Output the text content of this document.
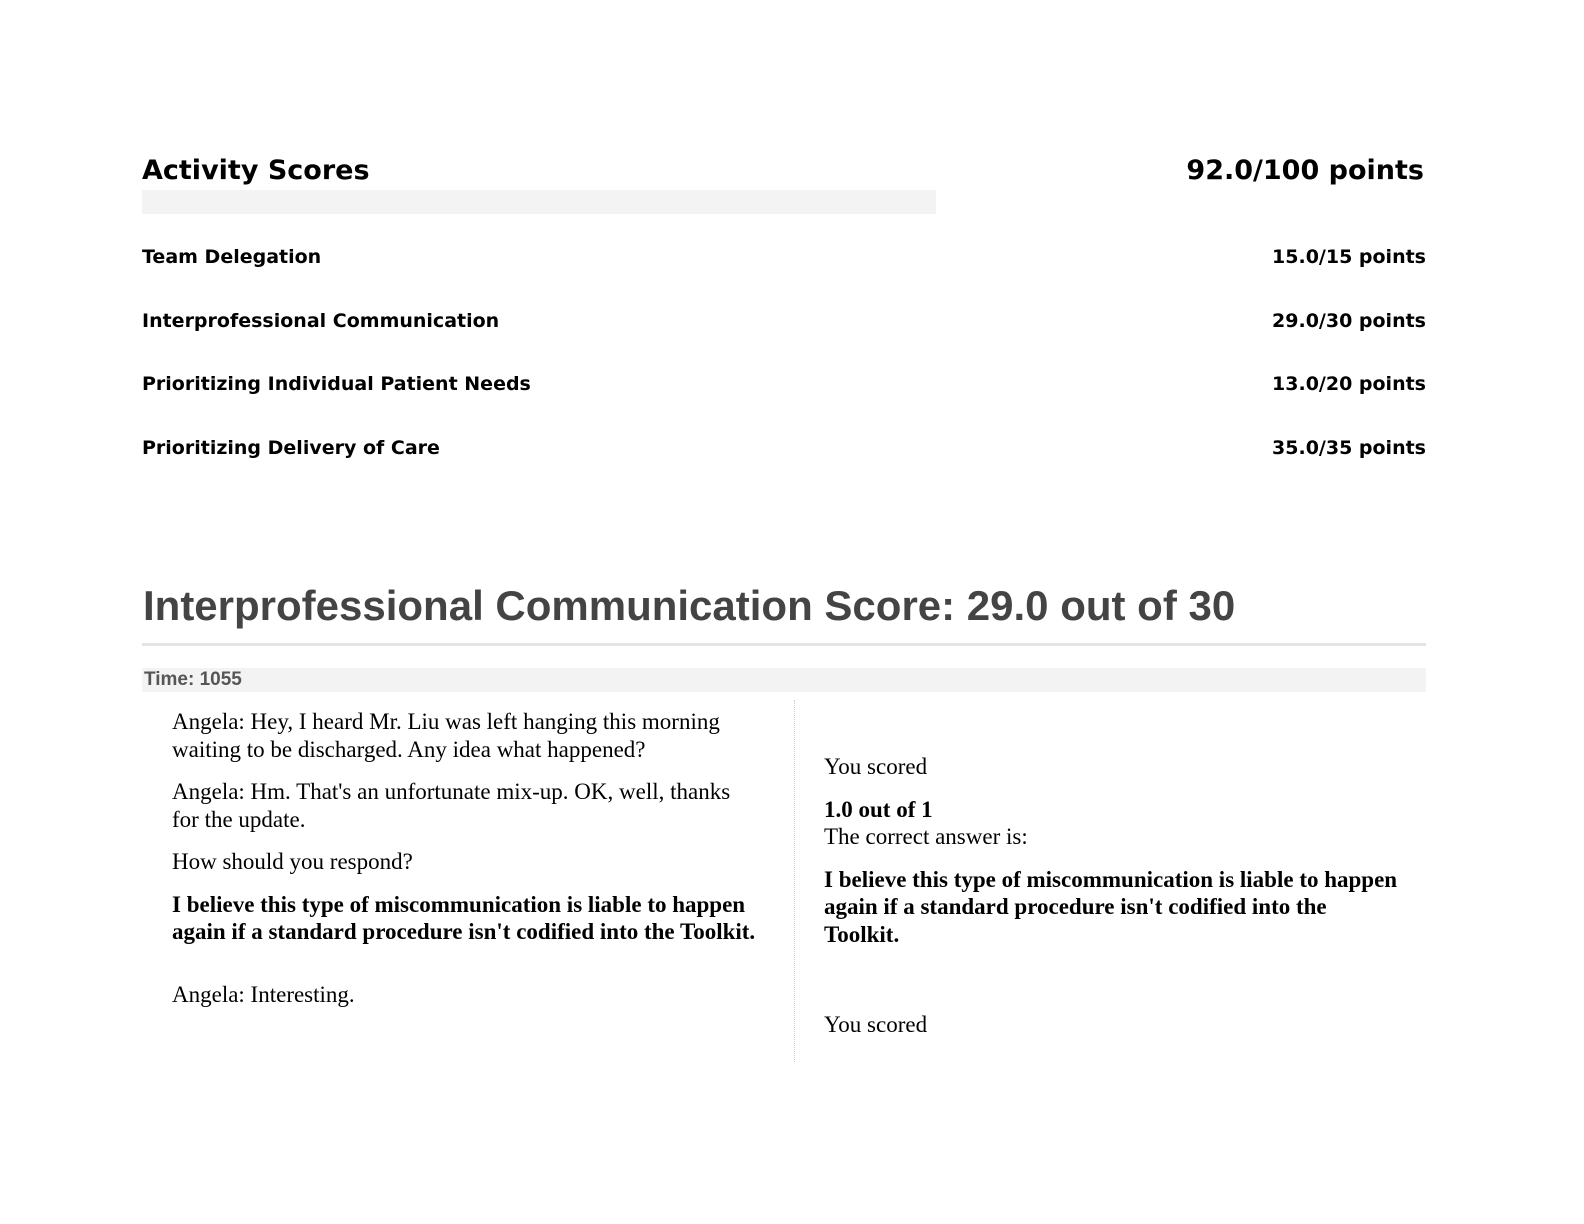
Activity Scores	92.0/100 points
Team Delegation	15.0/15 points
Interprofessional Communication	29.0/30 points
Prioritizing Individual Patient Needs	13.0/20 points
Prioritizing Delivery of Care	35.0/35 points
Interprofessional Communication Score: 29.0 out of 30
Time: 1055

Angela: Hey, I heard Mr. Liu was left hanging this morning waiting to be discharged. Any idea what happened?

Angela: Hm. That's an unfortunate mix-up. OK, well, thanks for the update.

How should you respond?

I believe this type of miscommunication is liable to happen again if a standard procedure isn't codified into the Toolkit.

Angela: Interesting.

You scored

1.0 out of 1

The correct answer is:

I believe this type of miscommunication is liable to happen again if a standard procedure isn't codified into the Toolkit.

You scored
